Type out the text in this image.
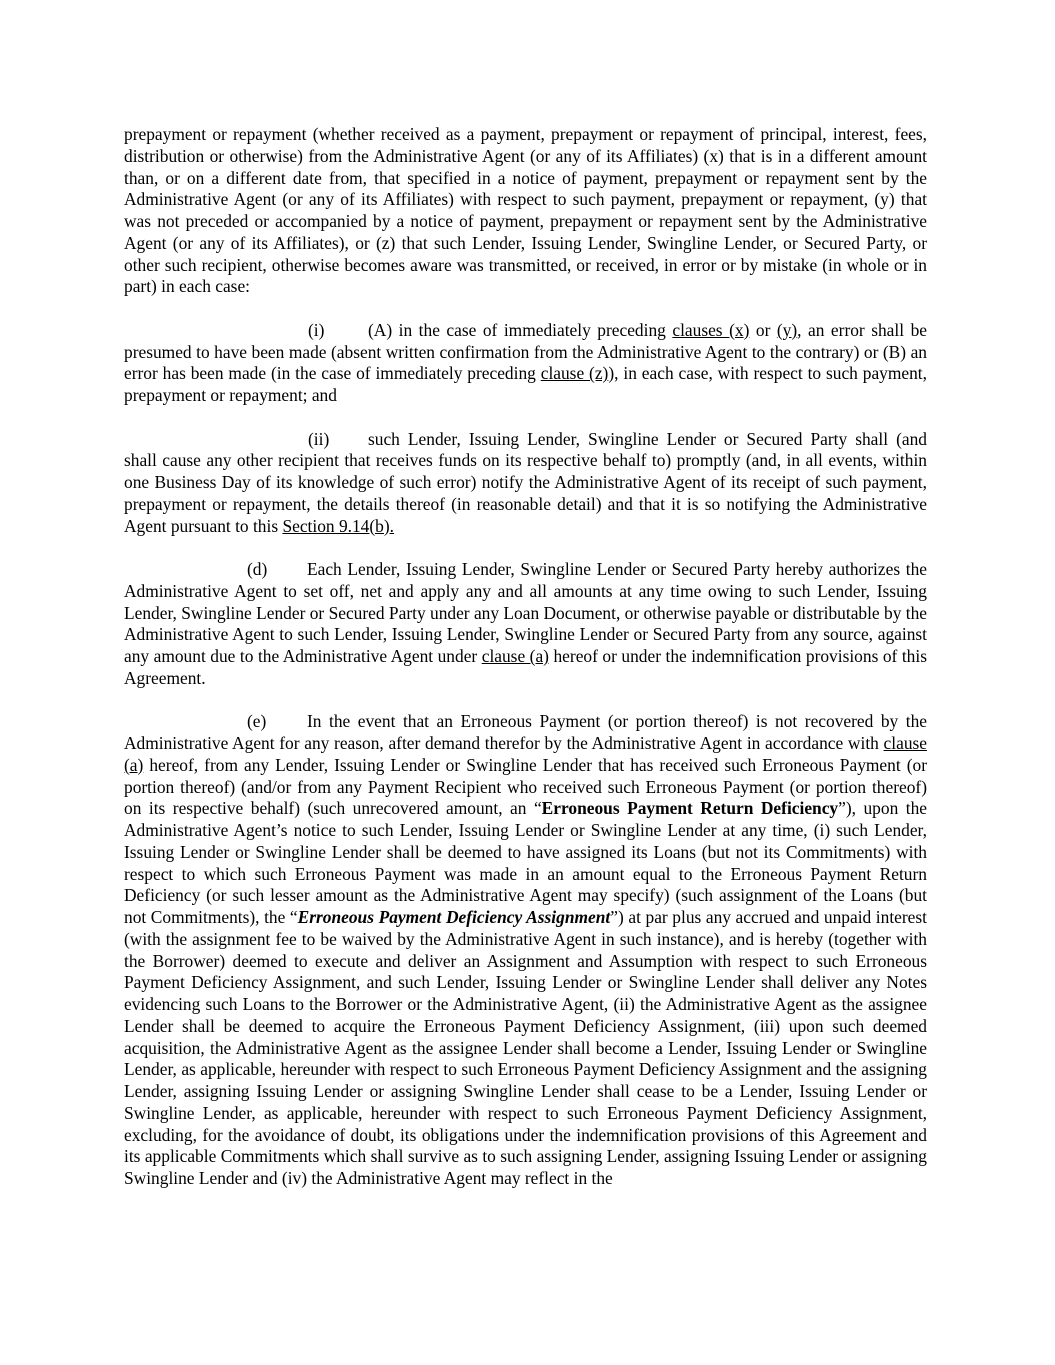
prepayment or repayment (whether received as a payment, prepayment or repayment of principal, interest, fees, distribution or otherwise) from the Administrative Agent (or any of its Affiliates) (x) that is in a different amount than, or on a different date from, that specified in a notice of payment, prepayment or repayment sent by the Administrative Agent (or any of its Affiliates) with respect to such payment, prepayment or repayment, (y) that was not preceded or accompanied by a notice of payment, prepayment or repayment sent by the Administrative Agent (or any of its Affiliates), or (z) that such Lender, Issuing Lender, Swingline Lender, or Secured Party, or other such recipient, otherwise becomes aware was transmitted, or received, in error or by mistake (in whole or in part) in each case:

(i)	(A) in the case of immediately preceding clauses (x) or (y), an error shall be presumed to have been made (absent written confirmation from the Administrative Agent to the contrary) or (B) an error has been made (in the case of immediately preceding clause (z)), in each case, with respect to such payment, prepayment or repayment; and

(ii) such Lender, Issuing Lender, Swingline Lender or Secured Party shall (and shall cause any other recipient that receives funds on its respective behalf to) promptly (and, in all events, within one Business Day of its knowledge of such error) notify the Administrative Agent of its receipt of such payment, prepayment or repayment, the details thereof (in reasonable detail) and that it is so notifying the Administrative Agent pursuant to this Section 9.14(b).

(d) Each Lender, Issuing Lender, Swingline Lender or Secured Party hereby authorizes the Administrative Agent to set off, net and apply any and all amounts at any time owing to such Lender, Issuing Lender, Swingline Lender or Secured Party under any Loan Document, or otherwise payable or distributable by the Administrative Agent to such Lender, Issuing Lender, Swingline Lender or Secured Party from any source, against any amount due to the Administrative Agent under clause (a) hereof or under the indemnification provisions of this Agreement.

(e) In the event that an Erroneous Payment (or portion thereof) is not recovered by the Administrative Agent for any reason, after demand therefor by the Administrative Agent in accordance with clause (a) hereof, from any Lender, Issuing Lender or Swingline Lender that has received such Erroneous Payment (or portion thereof) (and/or from any Payment Recipient who received such Erroneous Payment (or portion thereof) on its respective behalf) (such unrecovered amount, an “Erroneous Payment Return Deficiency”), upon the Administrative Agent’s notice to such Lender, Issuing Lender or Swingline Lender at any time, (i) such Lender, Issuing Lender or Swingline Lender shall be deemed to have assigned its Loans (but not its Commitments) with respect to which such Erroneous Payment was made in an amount equal to the Erroneous Payment Return Deficiency (or such lesser amount as the Administrative Agent may specify) (such assignment of the Loans (but not Commitments), the “Erroneous Payment Deficiency Assignment”) at par plus any accrued and unpaid interest (with the assignment fee to be waived by the Administrative Agent in such instance), and is hereby (together with the Borrower) deemed to execute and deliver an Assignment and Assumption with respect to such Erroneous Payment Deficiency Assignment, and such Lender, Issuing Lender or Swingline Lender shall deliver any Notes evidencing such Loans to the Borrower or the Administrative Agent, (ii) the Administrative Agent as the assignee Lender shall be deemed to acquire the Erroneous Payment Deficiency Assignment, (iii) upon such deemed acquisition, the Administrative Agent as the assignee Lender shall become a Lender, Issuing Lender or Swingline Lender, as applicable, hereunder with respect to such Erroneous Payment Deficiency Assignment and the assigning Lender, assigning Issuing Lender or assigning Swingline Lender shall cease to be a Lender, Issuing Lender or Swingline Lender, as applicable, hereunder with respect to such Erroneous Payment Deficiency Assignment, excluding, for the avoidance of doubt, its obligations under the indemnification provisions of this Agreement and its applicable Commitments which shall survive as to such assigning Lender, assigning Issuing Lender or assigning Swingline Lender and (iv) the Administrative Agent may reflect in the
